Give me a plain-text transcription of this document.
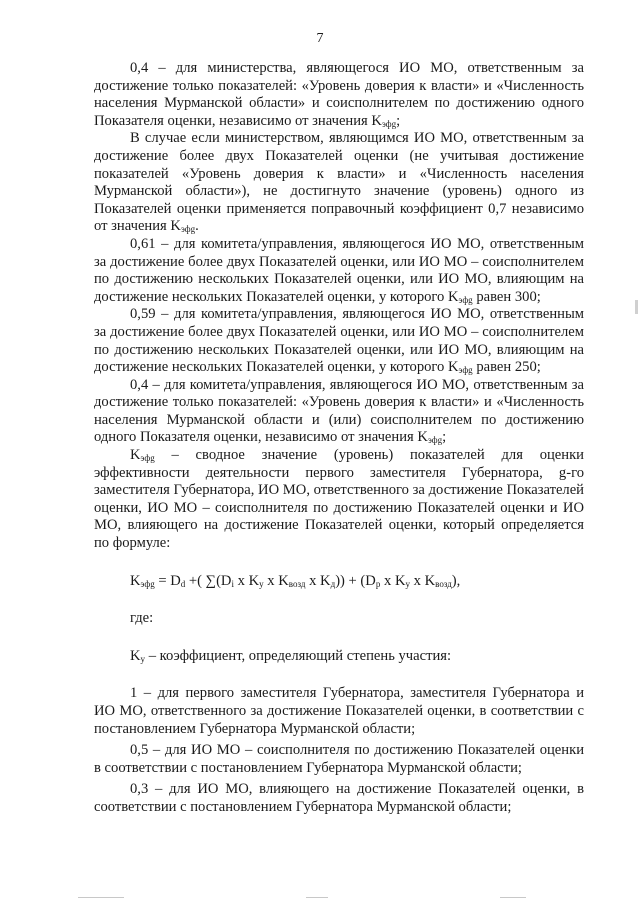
7

0,4 – для министерства, являющегося ИО МО, ответственным за достижение только показателей: «Уровень доверия к власти» и «Численность населения Мурманской области» и соисполнителем по достижению одного Показателя оценки, независимо от значения $K_{эфg}$;

В случае если министерством, являющимся ИО МО, ответственным за достижение более двух Показателей оценки (не учитывая достижение показателей «Уровень доверия к власти» и «Численность населения Мурманской области»), не достигнуто значение (уровень) одного из Показателей оценки применяется поправочный коэффициент 0,7 независимо от значения $K_{эфg}$.

0,61 – для комитета/управления, являющегося ИО МО, ответственным за достижение более двух Показателей оценки, или ИО МО – соисполнителем по достижению нескольких Показателей оценки, или ИО МО, влияющим на достижение нескольких Показателей оценки, у которого $K_{эфg}$ равен 300;

0,59 – для комитета/управления, являющегося ИО МО, ответственным за достижение более двух Показателей оценки, или ИО МО – соисполнителем по достижению нескольких Показателей оценки, или ИО МО, влияющим на достижение нескольких Показателей оценки, у которого $K_{эфg}$ равен 250;

0,4 – для комитета/управления, являющегося ИО МО, ответственным за достижение только показателей: «Уровень доверия к власти» и «Численность населения Мурманской области и (или) соисполнителем по достижению одного Показателя оценки, независимо от значения $K_{эфg}$;

$K_{эфg}$ – сводное значение (уровень) показателей для оценки эффективности деятельности первого заместителя Губернатора, g-го заместителя Губернатора, ИО МО, ответственного за достижение Показателей оценки, ИО МО – соисполнителя по достижению Показателей оценки и ИО МО, влияющего на достижение Показателей оценки, который определяется по формуле:

$K_{эфg} = D_d$ +( $\sum(D_i$ x $K_у$ x $K_{возд}$ x $K_д)) + (D_р$ x $K_у$ x $K_{возд}$),

где:

$K_у$ – коэффициент, определяющий степень участия:

1 – для первого заместителя Губернатора, заместителя Губернатора и ИО МО, ответственного за достижение Показателей оценки, в соответствии с постановлением Губернатора Мурманской области;

0,5 – для ИО МО – соисполнителя по достижению Показателей оценки в соответствии с постановлением Губернатора Мурманской области;

0,3 – для ИО МО, влияющего на достижение Показателей оценки, в соответствии с постановлением Губернатора Мурманской области;
